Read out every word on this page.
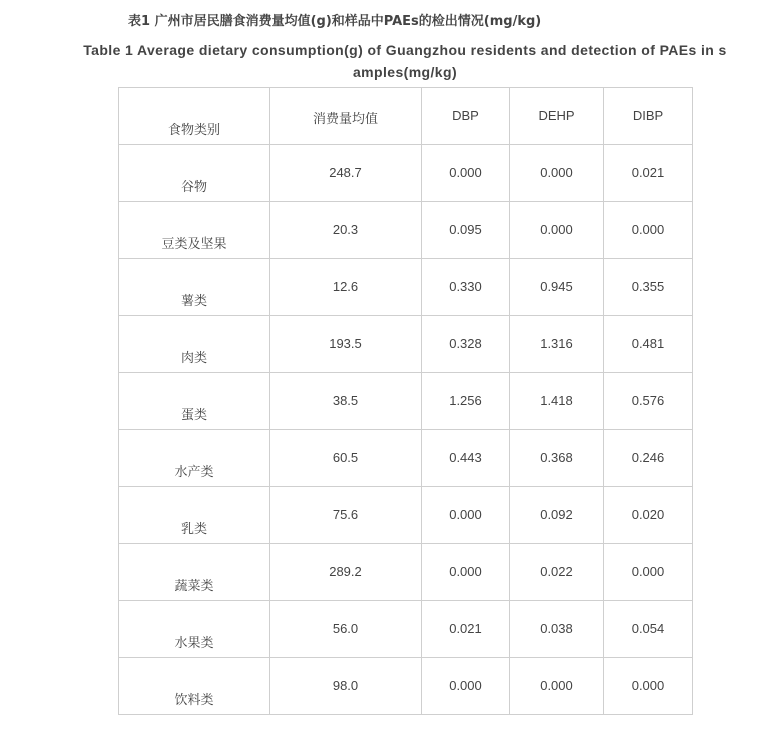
表1 广州市居民膳食消费量均值(g)和样品中PAEs的检出情况(mg/kg)
Table 1 Average dietary consumption(g) of Guangzhou residents and detection of PAEs in samples(mg/kg)
食物类别	消费量均值	DBP	DEHP	DIBP
谷物	248.7	0.000	0.000	0.021
豆类及坚果	20.3	0.095	0.000	0.000
薯类	12.6	0.330	0.945	0.355
肉类	193.5	0.328	1.316	0.481
蛋类	38.5	1.256	1.418	0.576
水产类	60.5	0.443	0.368	0.246
乳类	75.6	0.000	0.092	0.020
蔬菜类	289.2	0.000	0.022	0.000
水果类	56.0	0.021	0.038	0.054
饮料类	98.0	0.000	0.000	0.000
